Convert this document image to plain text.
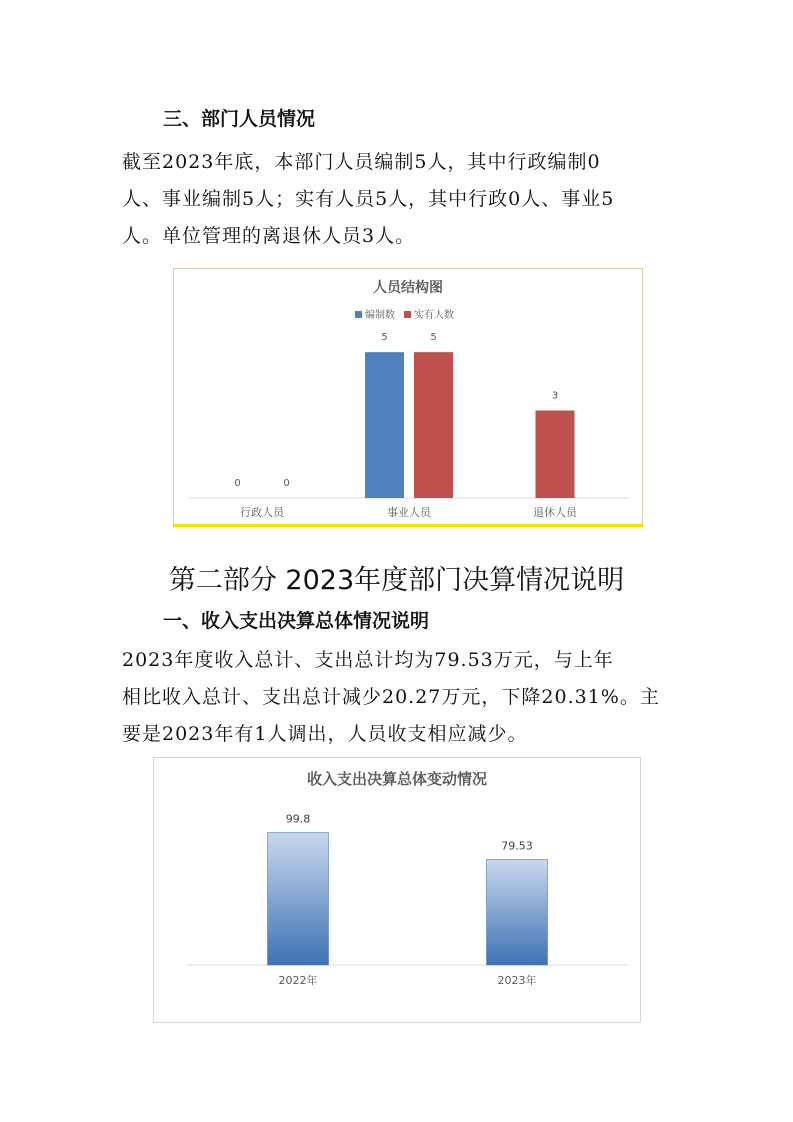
三、部门人员情况
截至2023年底，本部门人员编制5人，其中行政编制0
人、事业编制5人；实有人员5人，其中行政0人、事业5
人。单位管理的离退休人员3人。
人员结构图
编制数 实有人数
0
5
0
5
3
行政人员	事业人员	退休人员
第二部分 2023年度部门决算情况说明
一、收入支出决算总体情况说明
2023年度收入总计、支出总计均为79.53万元，与上年
相比收入总计、支出总计减少20.27万元，下降20.31%。主
要是2023年有1人调出，人员收支相应减少。
收入支出决算总体变动情况
99.8
79.53
2022年	2023年
